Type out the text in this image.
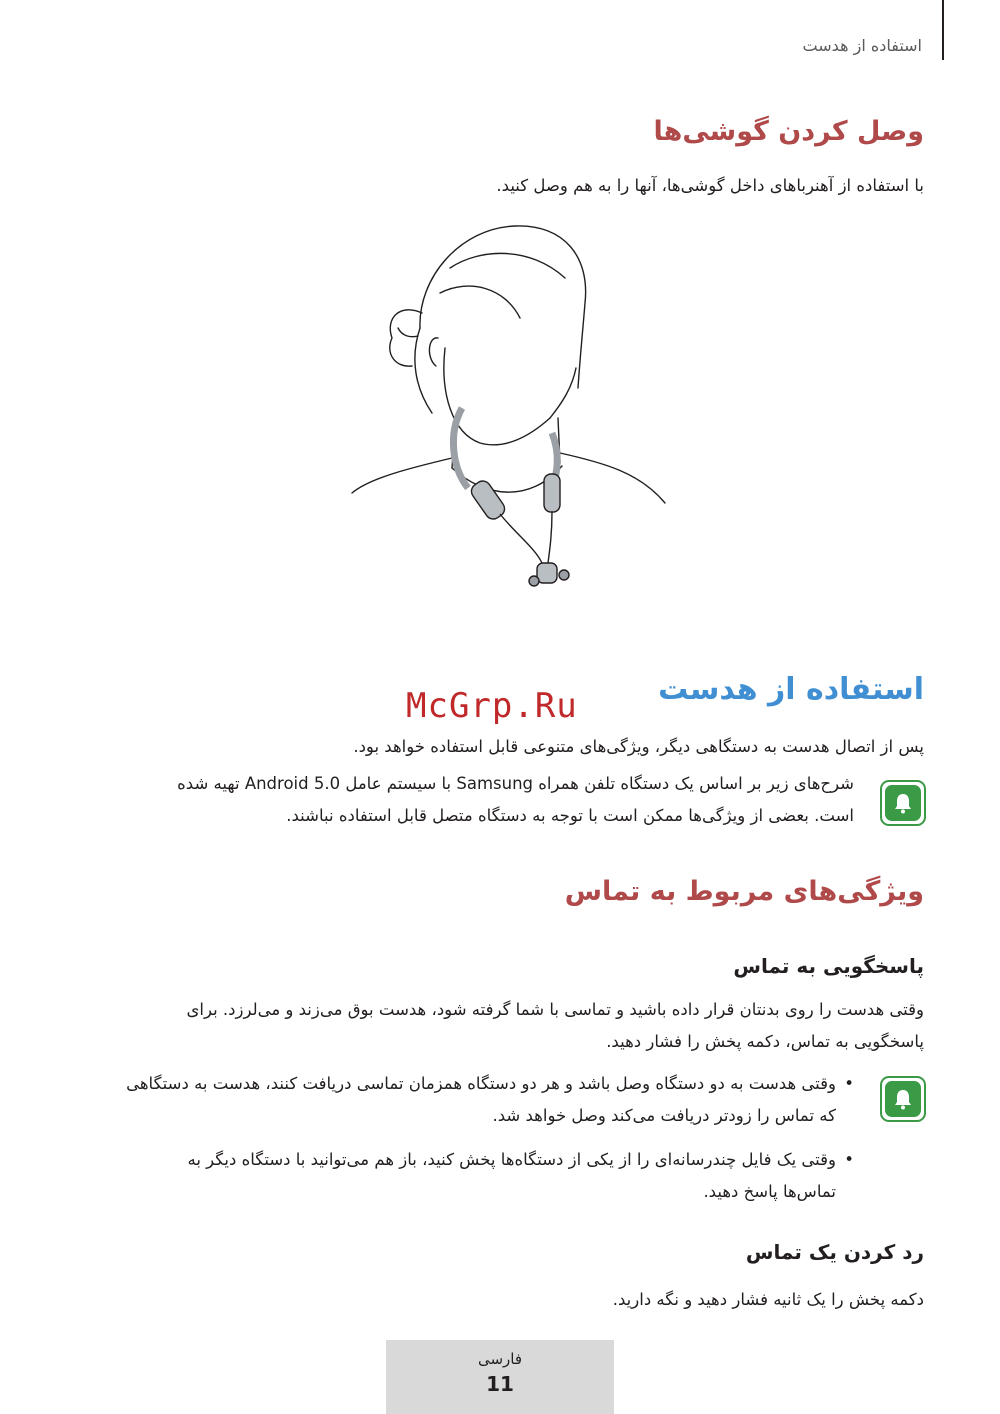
استفاده از هدست
وصل کردن گوشی‌ها
با استفاده از آهنرباهای داخل گوشی‌ها، آنها را به هم وصل کنید.
استفاده از هدست
McGrp.Ru
پس از اتصال هدست به دستگاهی دیگر، ویژگی‌های متنوعی قابل استفاده خواهد بود.
شرح‌های زیر بر اساس یک دستگاه تلفن همراه Samsung با سیستم عامل Android 5.0 تهیه شده
است. بعضی از ویژگی‌ها ممکن است با توجه به دستگاه متصل قابل استفاده نباشند.
ویژگی‌های مربوط به تماس
پاسخگویی به تماس
وقتی هدست را روی بدنتان قرار داده باشید و تماسی با شما گرفته شود، هدست بوق می‌زند و می‌لرزد. برای
پاسخگویی به تماس، دکمه پخش را فشار دهید.
• وقتی هدست به دو دستگاه وصل باشد و هر دو دستگاه همزمان تماسی دریافت کنند، هدست به دستگاهی
که تماس را زودتر دریافت می‌کند وصل خواهد شد.
• وقتی یک فایل چندرسانه‌ای را از یکی از دستگاه‌ها پخش کنید، باز هم می‌توانید با دستگاه دیگر به
تماس‌ها پاسخ دهید.
رد کردن یک تماس
دکمه پخش را یک ثانیه فشار دهید و نگه دارید.
فارسی
11
